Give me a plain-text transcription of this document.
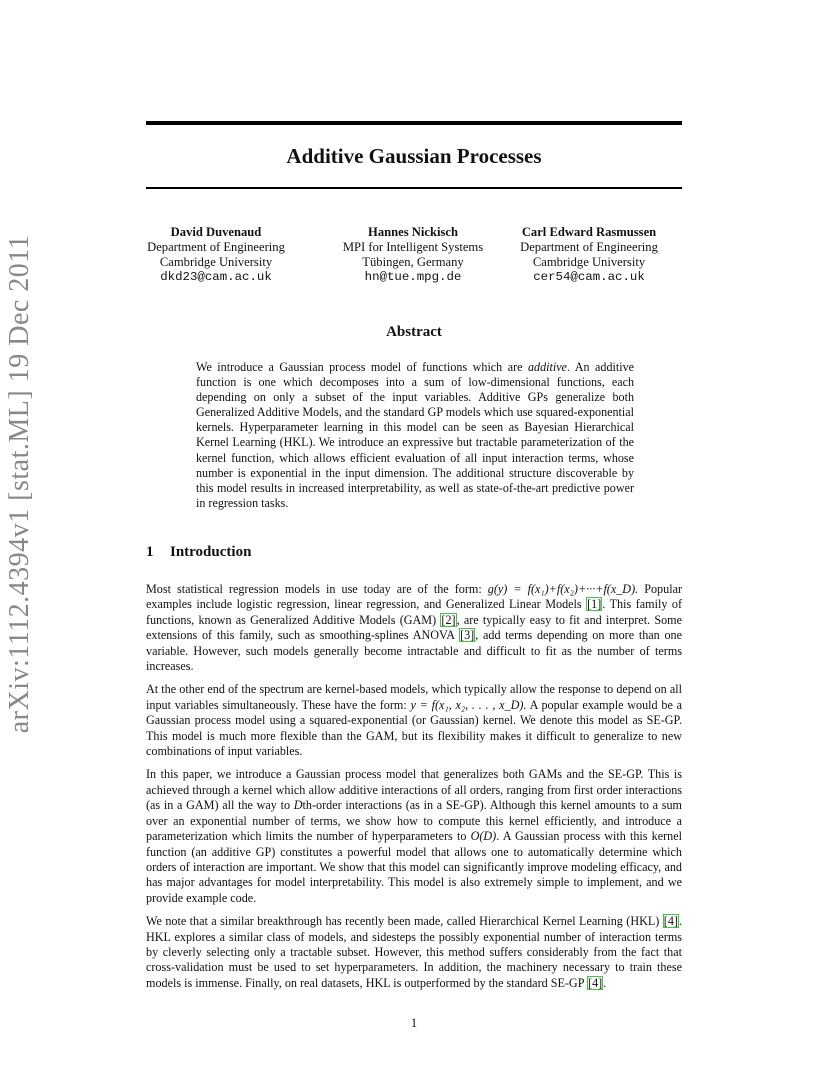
arXiv:1112.4394v1 [stat.ML] 19 Dec 2011
Additive Gaussian Processes
David Duvenaud
Department of Engineering
Cambridge University
dkd23@cam.ac.uk
Hannes Nickisch
MPI for Intelligent Systems
Tübingen, Germany
hn@tue.mpg.de
Carl Edward Rasmussen
Department of Engineering
Cambridge University
cer54@cam.ac.uk
Abstract
We introduce a Gaussian process model of functions which are additive. An additive function is one which decomposes into a sum of low-dimensional functions, each depending on only a subset of the input variables. Additive GPs generalize both Generalized Additive Models, and the standard GP models which use squared-exponential kernels. Hyperparameter learning in this model can be seen as Bayesian Hierarchical Kernel Learning (HKL). We introduce an expressive but tractable parameterization of the kernel function, which allows efficient evaluation of all input interaction terms, whose number is exponential in the input dimension. The additional structure discoverable by this model results in increased interpretability, as well as state-of-the-art predictive power in regression tasks.
1 Introduction

Most statistical regression models in use today are of the form: g(y) = f(x₁)+f(x₂)+···+f(x_D). Popular examples include logistic regression, linear regression, and Generalized Linear Models [1]. This family of functions, known as Generalized Additive Models (GAM) [2], are typically easy to fit and interpret. Some extensions of this family, such as smoothing-splines ANOVA [3], add terms depending on more than one variable. However, such models generally become intractable and difficult to fit as the number of terms increases.

At the other end of the spectrum are kernel-based models, which typically allow the response to depend on all input variables simultaneously. These have the form: y = f(x₁, x₂, . . . , x_D). A popular example would be a Gaussian process model using a squared-exponential (or Gaussian) kernel. We denote this model as SE-GP. This model is much more flexible than the GAM, but its flexibility makes it difficult to generalize to new combinations of input variables.

In this paper, we introduce a Gaussian process model that generalizes both GAMs and the SE-GP. This is achieved through a kernel which allow additive interactions of all orders, ranging from first order interactions (as in a GAM) all the way to Dth-order interactions (as in a SE-GP). Although this kernel amounts to a sum over an exponential number of terms, we show how to compute this kernel efficiently, and introduce a parameterization which limits the number of hyperparameters to O(D). A Gaussian process with this kernel function (an additive GP) constitutes a powerful model that allows one to automatically determine which orders of interaction are important. We show that this model can significantly improve modeling efficacy, and has major advantages for model interpretability. This model is also extremely simple to implement, and we provide example code.

We note that a similar breakthrough has recently been made, called Hierarchical Kernel Learning (HKL) [4]. HKL explores a similar class of models, and sidesteps the possibly exponential number of interaction terms by cleverly selecting only a tractable subset. However, this method suffers considerably from the fact that cross-validation must be used to set hyperparameters. In addition, the machinery necessary to train these models is immense. Finally, on real datasets, HKL is outperformed by the standard SE-GP [4].

1
